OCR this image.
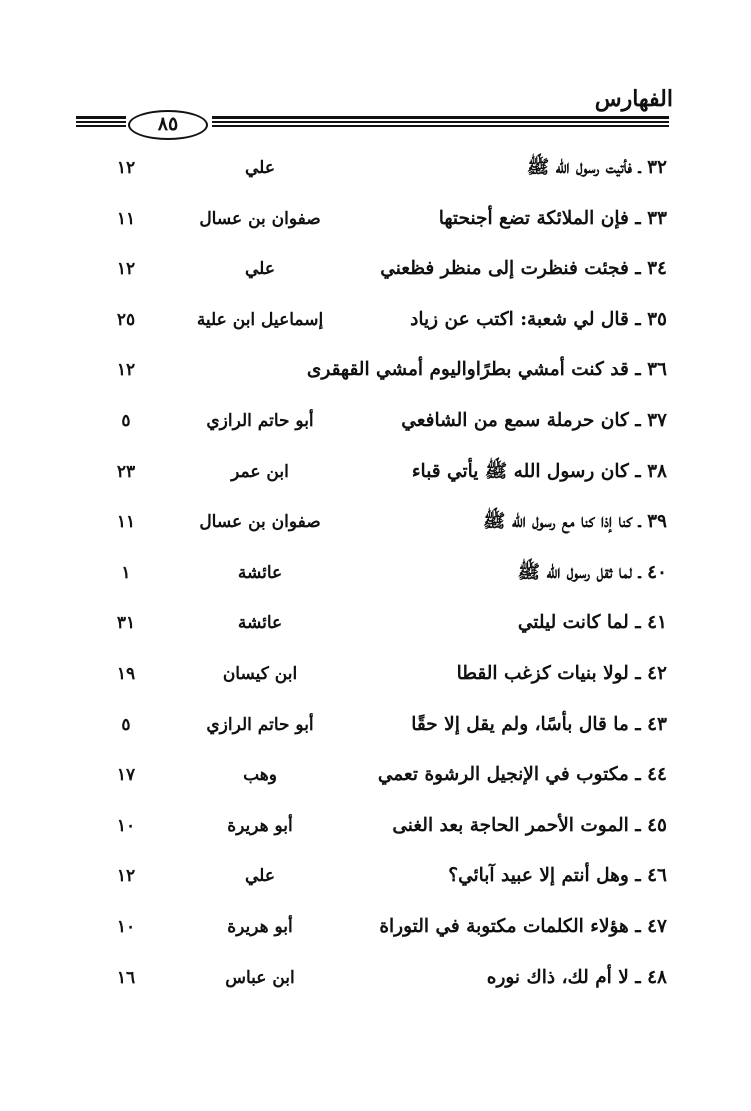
الفهارس
٨٥
٣٢ ـ فأتيت رسول الله ﷺ
علي
١٢
٣٣ ـ فإن الملائكة تضع أجنحتها
صفوان بن عسال
١١
٣٤ ـ فجئت فنظرت إلى منظر فظعني
علي
١٢
٣٥ ـ قال لي شعبة: اكتب عن زياد
إسماعيل ابن علية
٢٥
٣٦ ـ قد كنت أمشي بطرًاواليوم أمشي القهقرى
١٢
٣٧ ـ كان حرملة سمع من الشافعي
أبو حاتم الرازي
٥
٣٨ ـ كان رسول الله ﷺ يأتي قباء
ابن عمر
٢٣
٣٩ ـ كنا إذا كنا مع رسول الله ﷺ
صفوان بن عسال
١١
٤٠ ـ لما ثقل رسول الله ﷺ
عائشة
١
٤١ ـ لما كانت ليلتي
عائشة
٣١
٤٢ ـ لولا بنيات كزغب القطا
ابن كيسان
١٩
٤٣ ـ ما قال بأسًا، ولم يقل إلا حقًا
أبو حاتم الرازي
٥
٤٤ ـ مكتوب في الإنجيل الرشوة تعمي
وهب
١٧
٤٥ ـ الموت الأحمر الحاجة بعد الغنى
أبو هريرة
١٠
٤٦ ـ وهل أنتم إلا عبيد آبائي؟
علي
١٢
٤٧ ـ هؤلاء الكلمات مكتوبة في التوراة
أبو هريرة
١٠
٤٨ ـ لا أم لك، ذاك نوره
ابن عباس
١٦
